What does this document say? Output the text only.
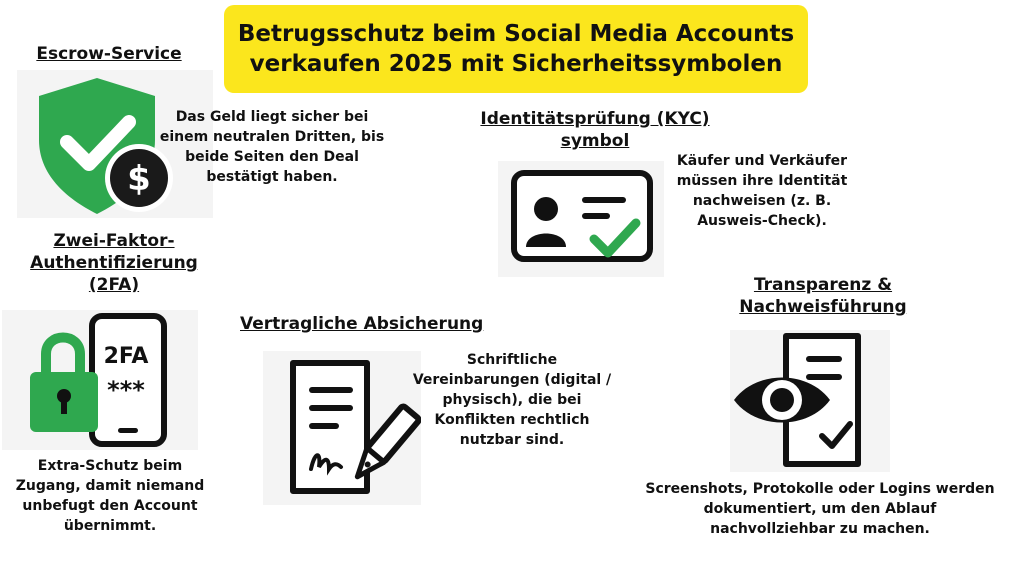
Betrugsschutz beim Social Media Accounts
verkaufen 2025 mit Sicherheitssymbolen
Escrow-Service
$
Das Geld liegt sicher bei
einem neutralen Dritten, bis
beide Seiten den Deal
bestätigt haben.
Identitätsprüfung (KYC)
symbol
Käufer und Verkäufer
müssen ihre Identität
nachweisen (z. B.
Ausweis-Check).
Zwei-Faktor-
Authentifizierung
(2FA)
2FA
***
Extra-Schutz beim
Zugang, damit niemand
unbefugt den Account
übernimmt.
Vertragliche Absicherung
Schriftliche
Vereinbarungen (digital /
physisch), die bei
Konflikten rechtlich
nutzbar sind.
Transparenz &
Nachweisführung
Screenshots, Protokolle oder Logins werden
dokumentiert, um den Ablauf
nachvollziehbar zu machen.
